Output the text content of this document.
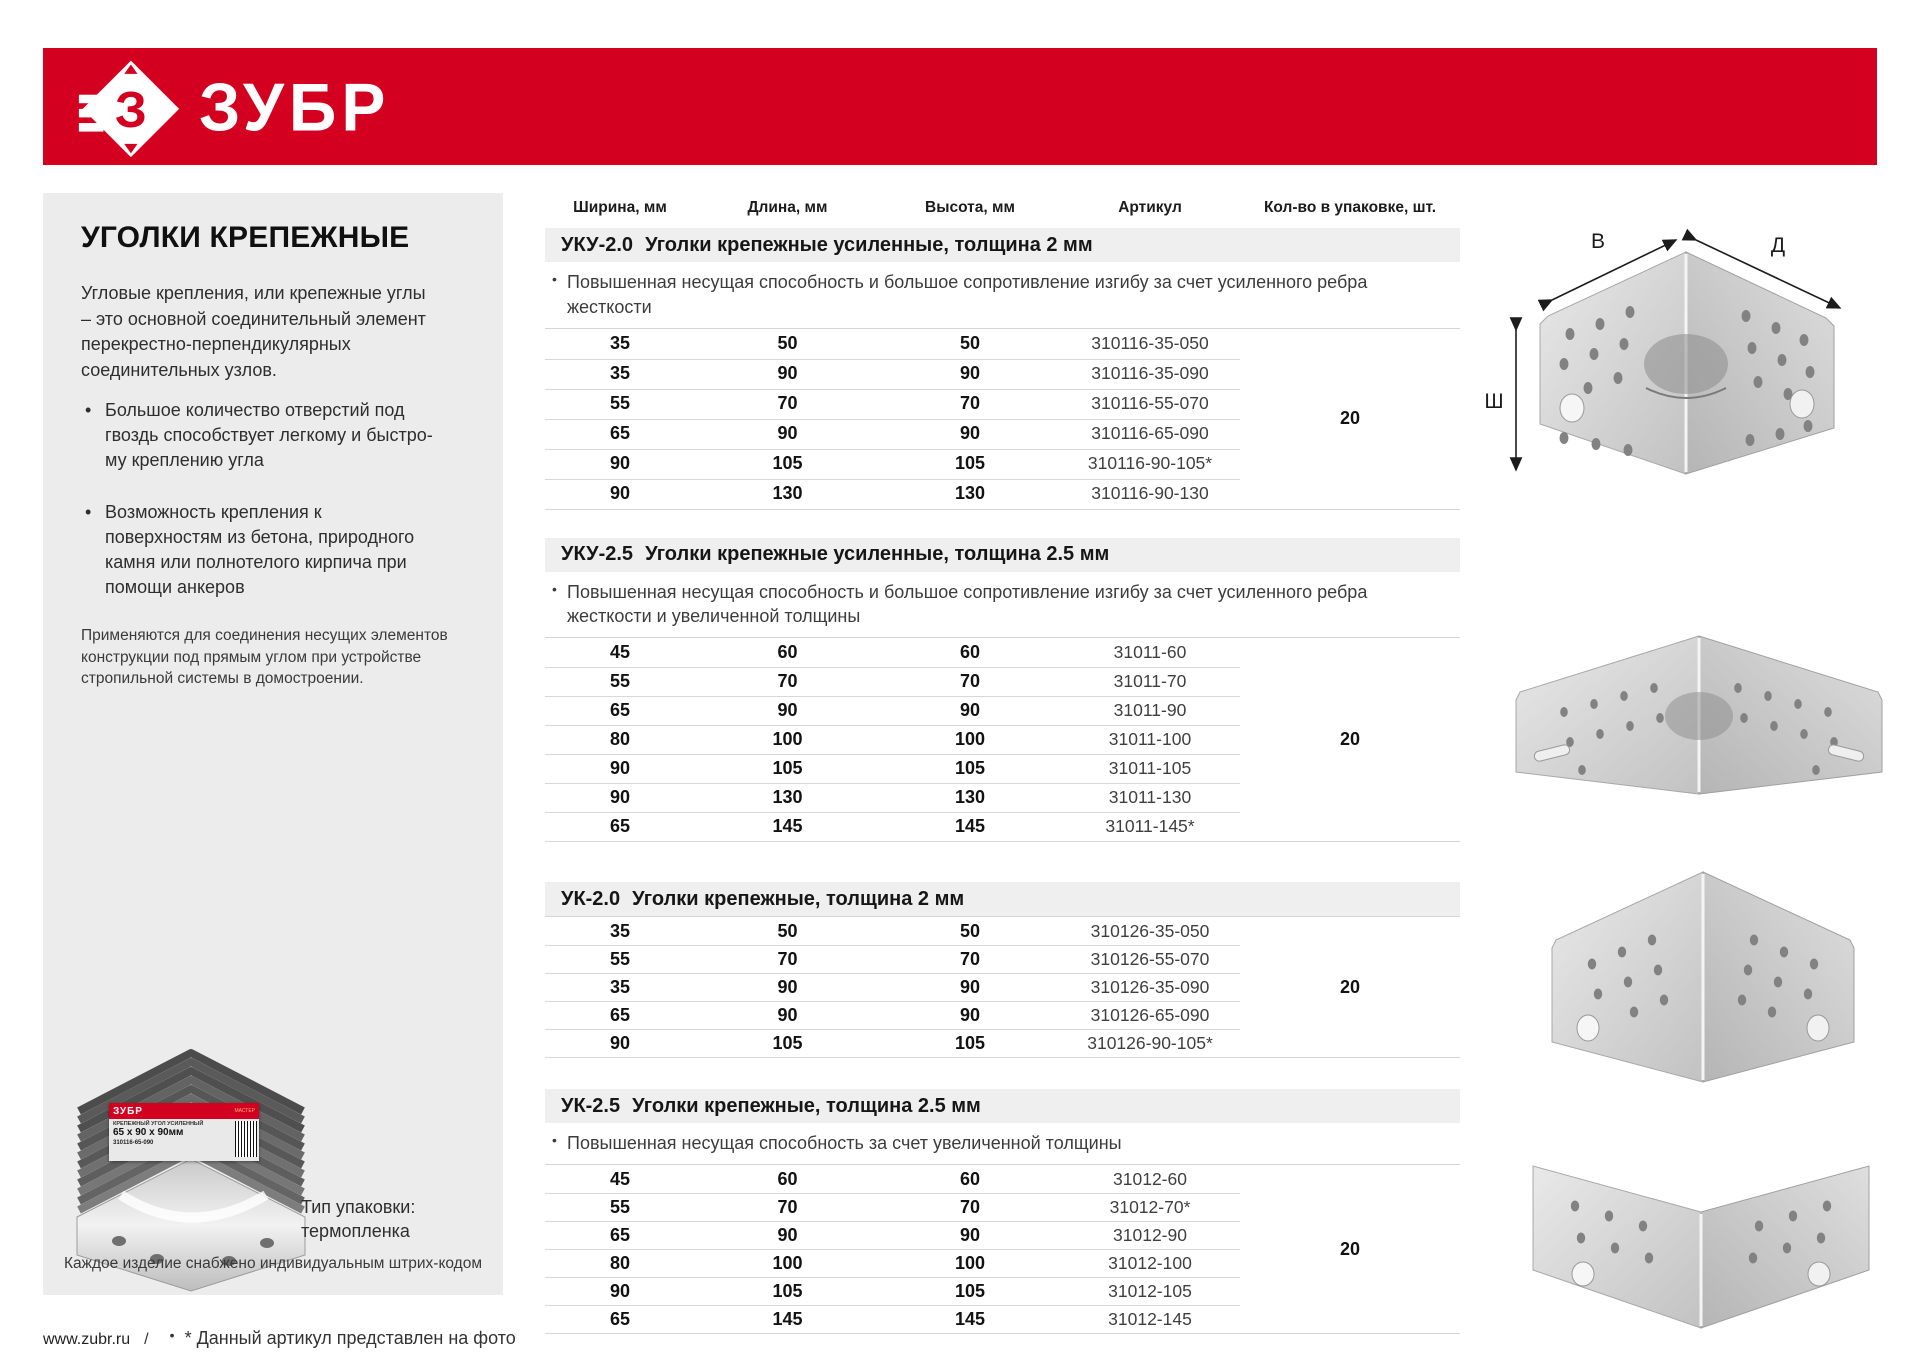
З ЗУБР
УГОЛКИ КРЕПЕЖНЫЕ
Угловые крепления, или крепежные углы – это основной соединительный элемент перекрестно-перпендикулярных соединительных узлов.
• Большое количество отверстий под гвоздь способствует легкому и быстро-му креплению угла
• Возможность крепления к поверхностям из бетона, природного камня или полнотелого кирпича при помощи анкеров
Применяются для соединения несущих элементов конструкции под прямым углом при устройстве стропильной системы в домостроении.
ЗУБР	МАСТЕР
КРЕПЕЖНЫЙ УГОЛ УСИЛЕННЫЙ
65 x 90 x 90мм
310116-65-090
Тип упаковки:
термопленка
Каждое изделие снабжено индивидуальным штрих-кодом
Ширина, мм	Длина, мм	Высота, мм	Артикул	Кол-во в упаковке, шт.
УКУ-2.0 Уголки крепежные усиленные, толщина 2 мм
• Повышенная несущая способность и большое сопротивление изгибу за счет усиленного ребра жесткости
35	50	50	310116-35-050
35	90	90	310116-35-090
55	70	70	310116-55-070
65	90	90	310116-65-090
90	105	105	310116-90-105*
90	130	130	310116-90-130
20
УКУ-2.5 Уголки крепежные усиленные, толщина 2.5 мм
• Повышенная несущая способность и большое сопротивление изгибу за счет усиленного ребра жесткости и увеличенной толщины
45	60	60	31011-60
55	70	70	31011-70
65	90	90	31011-90
80	100	100	31011-100
90	105	105	31011-105
90	130	130	31011-130
65	145	145	31011-145*
20
УК-2.0 Уголки крепежные, толщина 2 мм
35	50	50	310126-35-050
55	70	70	310126-55-070
35	90	90	310126-35-090
65	90	90	310126-65-090
90	105	105	310126-90-105*
20
УК-2.5 Уголки крепежные, толщина 2.5 мм
• Повышенная несущая способность за счет увеличенной толщины
45	60	60	31012-60
55	70	70	31012-70*
65	90	90	31012-90
80	100	100	31012-100
90	105	105	31012-105
65	145	145	31012-145
20
В	Д
Ш
www.zubr.ru /	• * Данный артикул представлен на фото
